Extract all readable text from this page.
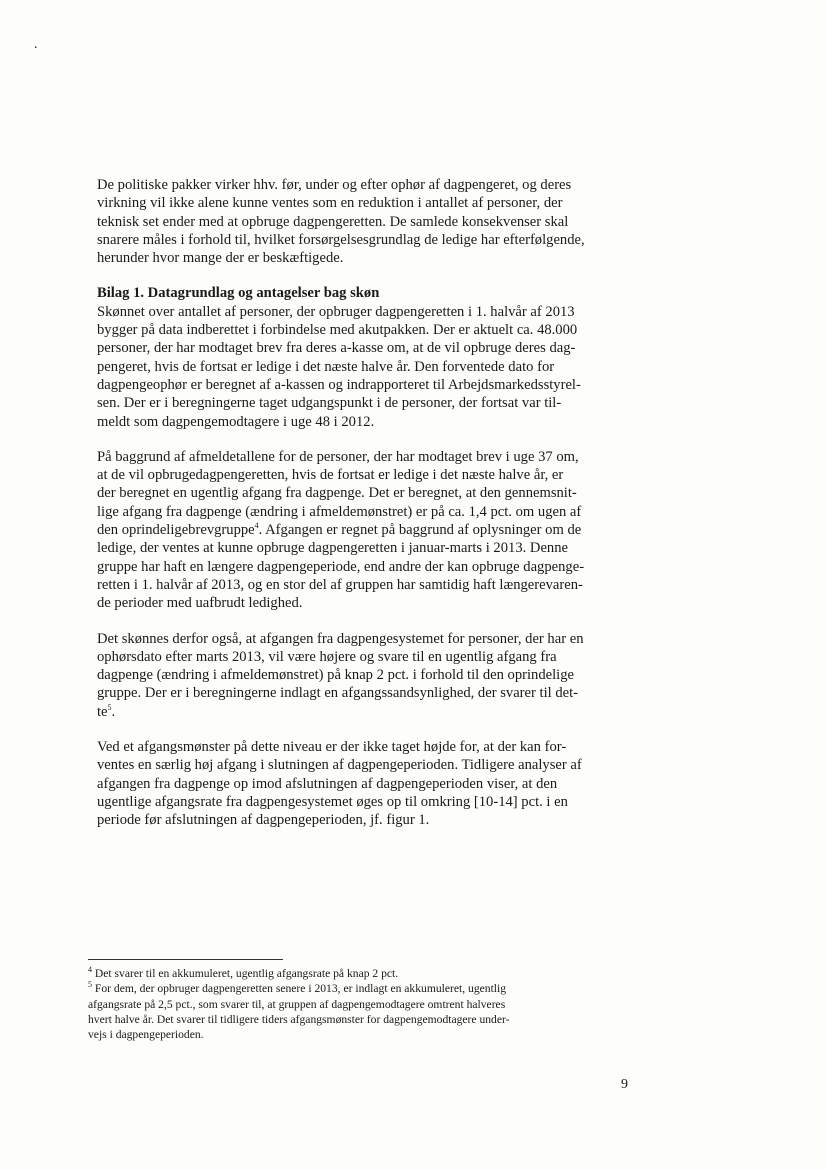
.
De politiske pakker virker hhv. før, under og efter ophør af dagpengeret, og deres
virkning vil ikke alene kunne ventes som en reduktion i antallet af personer, der
teknisk set ender med at opbruge dagpengeretten. De samlede konsekvenser skal
snarere måles i forhold til, hvilket forsørgelsesgrundlag de ledige har efterfølgende,
herunder hvor mange der er beskæftigede.
Bilag 1. Datagrundlag og antagelser bag skøn
Skønnet over antallet af personer, der opbruger dagpengeretten i 1. halvår af 2013
bygger på data indberettet i forbindelse med akutpakken. Der er aktuelt ca. 48.000
personer, der har modtaget brev fra deres a-kasse om, at de vil opbruge deres dag-
pengeret, hvis de fortsat er ledige i det næste halve år. Den forventede dato for
dagpengeophør er beregnet af a-kassen og indrapporteret til Arbejdsmarkedsstyrel-
sen. Der er i beregningerne taget udgangspunkt i de personer, der fortsat var til-
meldt som dagpengemodtagere i uge 48 i 2012.
På baggrund af afmeldetallene for de personer, der har modtaget brev i uge 37 om,
at de vil opbrugedagpengeretten, hvis de fortsat er ledige i det næste halve år, er
der beregnet en ugentlig afgang fra dagpenge. Det er beregnet, at den gennemsnit-
lige afgang fra dagpenge (ændring i afmeldemønstret) er på ca. 1,4 pct. om ugen af
den oprindeligebrevgruppe$^4$. Afgangen er regnet på baggrund af oplysninger om de
ledige, der ventes at kunne opbruge dagpengeretten i januar-marts i 2013. Denne
gruppe har haft en længere dagpengeperiode, end andre der kan opbruge dagpenge-
retten i 1. halvår af 2013, og en stor del af gruppen har samtidig haft længerevaren-
de perioder med uafbrudt ledighed.
Det skønnes derfor også, at afgangen fra dagpengesystemet for personer, der har en
ophørsdato efter marts 2013, vil være højere og svare til en ugentlig afgang fra
dagpenge (ændring i afmeldemønstret) på knap 2 pct. i forhold til den oprindelige
gruppe. Der er i beregningerne indlagt en afgangssandsynlighed, der svarer til det-
$te^5$.
Ved et afgangsmønster på dette niveau er der ikke taget højde for, at der kan for-
ventes en særlig høj afgang i slutningen af dagpengeperioden. Tidligere analyser af
afgangen fra dagpenge op imod afslutningen af dagpengeperioden viser, at den
ugentlige afgangsrate fra dagpengesystemet øges op til omkring [10-14] pct. i en
periode før afslutningen af dagpengeperioden, jf. figur 1.
$^4$ Det svarer til en akkumuleret, ugentlig afgangsrate på knap 2 pct.
$^5$ For dem, der opbruger dagpengeretten senere i 2013, er indlagt en akkumuleret, ugentlig
afgangsrate på 2,5 pct., som svarer til, at gruppen af dagpengemodtagere omtrent halveres
hvert halve år. Det svarer til tidligere tiders afgangsmønster for dagpengemodtagere under-
vejs i dagpengeperioden.
9
